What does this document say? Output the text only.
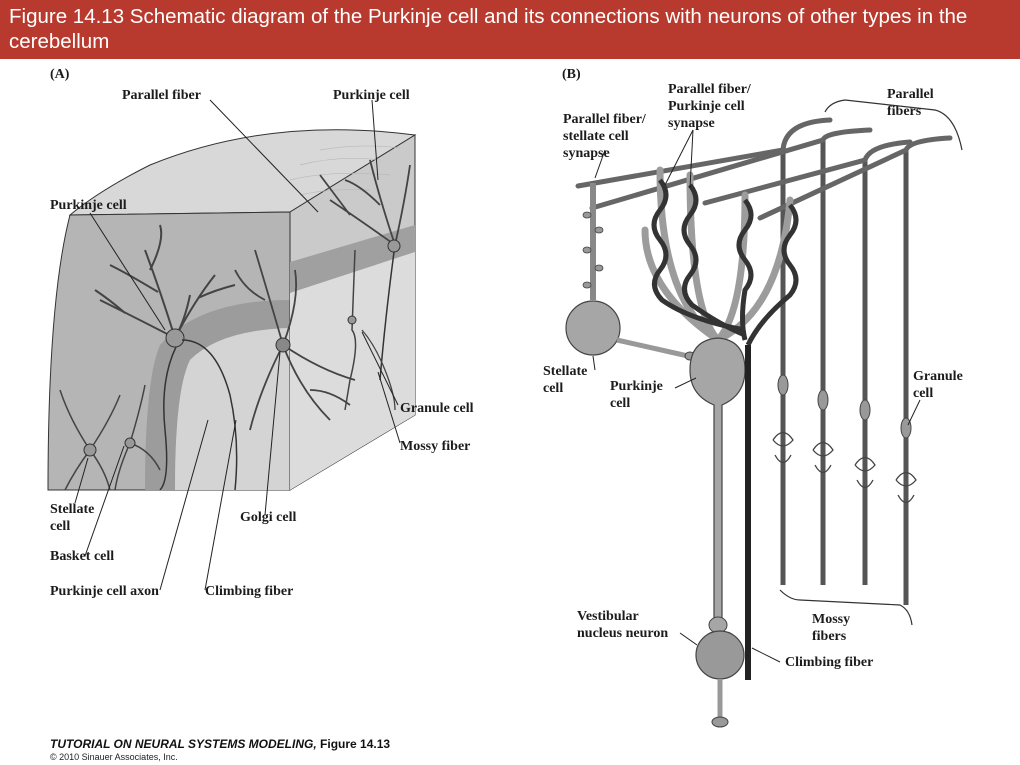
Figure 14.13 Schematic diagram of the Purkinje cell and its connections with neurons of other types in the cerebellum
(A)
Parallel fiber	Purkinje cell
Purkinje cell
Granule cell
Mossy fiber
Stellate
cell
Golgi cell
Basket cell
Purkinje cell axon	Climbing fiber
(B)
Parallel fiber/
Purkinje cell
synapse
Parallel fiber/
stellate cell
synapse
Parallel
fibers
Stellate
cell	Purkinje
cell
Granule
cell
Vestibular
nucleus neuron
Mossy
fibers
Climbing fiber
TUTORIAL ON NEURAL SYSTEMS MODELING, Figure 14.13
© 2010 Sinauer Associates, Inc.
